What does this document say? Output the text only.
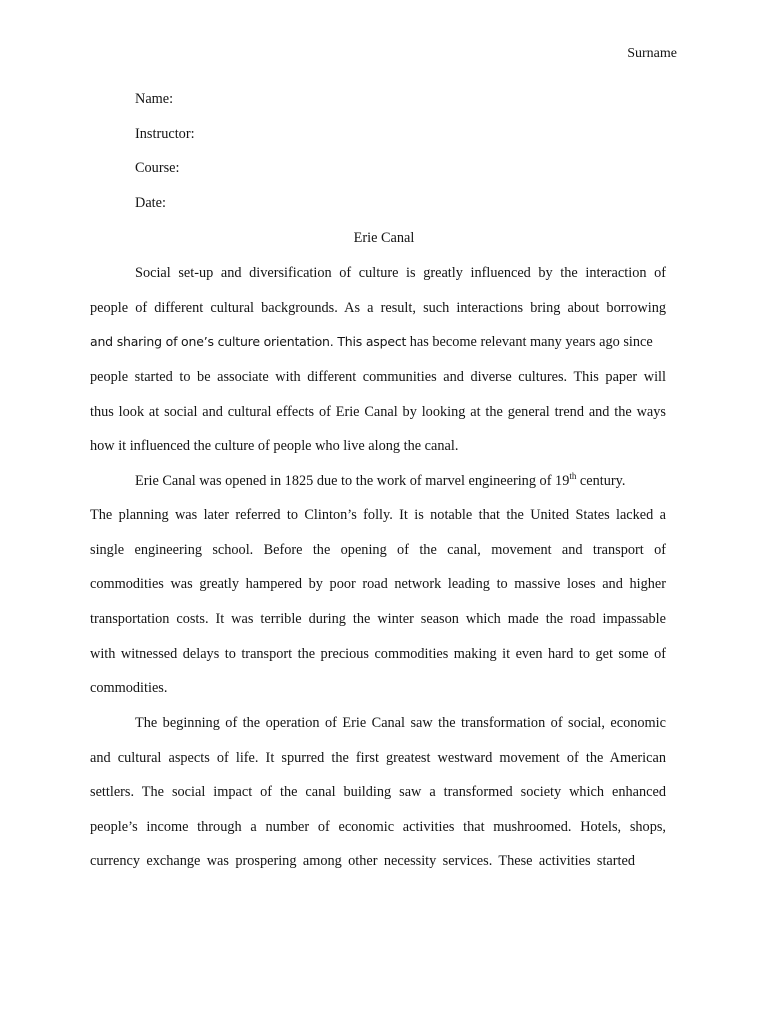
Surname
Name:
Instructor:
Course:
Date:
Erie Canal
Social set-up and diversification of culture is greatly influenced by the interaction of
people of different cultural backgrounds. As a result, such interactions bring about borrowing
and sharing of one’s culture orientation. This aspect has become relevant many years ago since
people started to be associate with different communities and diverse cultures. This paper will
thus look at social and cultural effects of Erie Canal by looking at the general trend and the ways
how it influenced the culture of people who live along the canal.
Erie Canal was opened in 1825 due to the work of marvel engineering of 19th century.
The planning was later referred to Clinton’s folly. It is notable that the United States lacked a
single engineering school. Before the opening of the canal, movement and transport of
commodities was greatly hampered by poor road network leading to massive loses and higher
transportation costs. It was terrible during the winter season which made the road impassable
with witnessed delays to transport the precious commodities making it even hard to get some of
commodities.
The beginning of the operation of Erie Canal saw the transformation of social, economic
and cultural aspects of life. It spurred the first greatest westward movement of the American
settlers. The social impact of the canal building saw a transformed society which enhanced
people’s income through a number of economic activities that mushroomed. Hotels, shops,
currency exchange was prospering among other necessity services. These activities started
